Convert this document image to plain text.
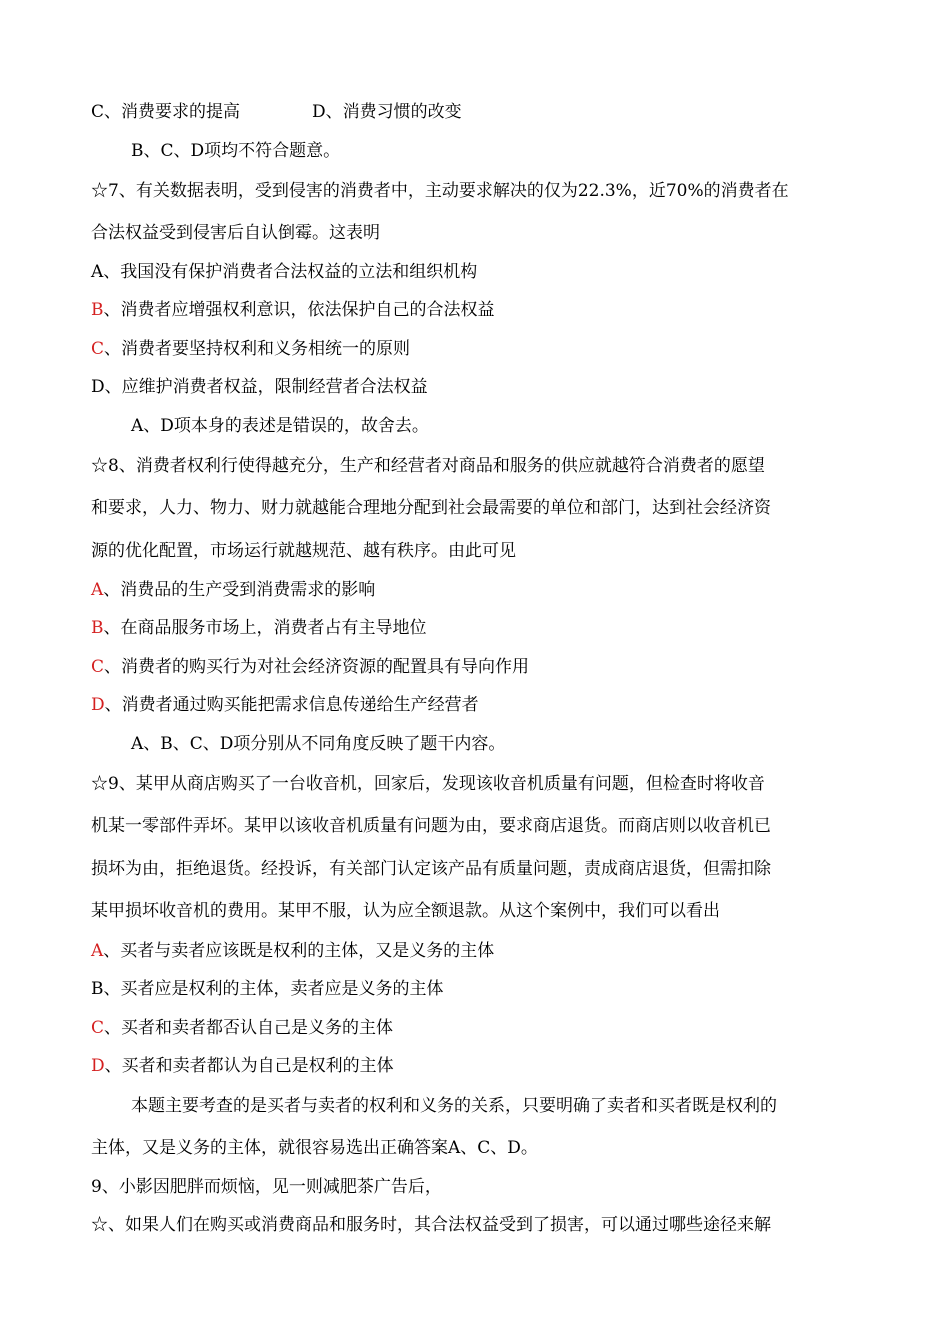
C、消费要求的提高	D、消费习惯的改变
B、C、D项均不符合题意。
☆7、有关数据表明，受到侵害的消费者中，主动要求解决的仅为22.3%，近70%的消费者在
合法权益受到侵害后自认倒霉。这表明
A、我国没有保护消费者合法权益的立法和组织机构
B、消费者应增强权利意识，依法保护自己的合法权益
C、消费者要坚持权利和义务相统一的原则
D、应维护消费者权益，限制经营者合法权益
A、D项本身的表述是错误的，故舍去。
☆8、消费者权利行使得越充分，生产和经营者对商品和服务的供应就越符合消费者的愿望
和要求，人力、物力、财力就越能合理地分配到社会最需要的单位和部门，达到社会经济资
源的优化配置，市场运行就越规范、越有秩序。由此可见
A、消费品的生产受到消费需求的影响
B、在商品服务市场上，消费者占有主导地位
C、消费者的购买行为对社会经济资源的配置具有导向作用
D、消费者通过购买能把需求信息传递给生产经营者
A、B、C、D项分别从不同角度反映了题干内容。
☆9、某甲从商店购买了一台收音机，回家后，发现该收音机质量有问题，但检查时将收音
机某一零部件弄坏。某甲以该收音机质量有问题为由，要求商店退货。而商店则以收音机已
损坏为由，拒绝退货。经投诉，有关部门认定该产品有质量问题，责成商店退货，但需扣除
某甲损坏收音机的费用。某甲不服，认为应全额退款。从这个案例中，我们可以看出
A、买者与卖者应该既是权利的主体，又是义务的主体
B、买者应是权利的主体，卖者应是义务的主体
C、买者和卖者都否认自己是义务的主体
D、买者和卖者都认为自己是权利的主体
本题主要考查的是买者与卖者的权利和义务的关系，只要明确了卖者和买者既是权利的
主体，又是义务的主体，就很容易选出正确答案A、C、D。
9、小影因肥胖而烦恼，见一则减肥茶广告后，
☆、如果人们在购买或消费商品和服务时，其合法权益受到了损害，可以通过哪些途径来解
